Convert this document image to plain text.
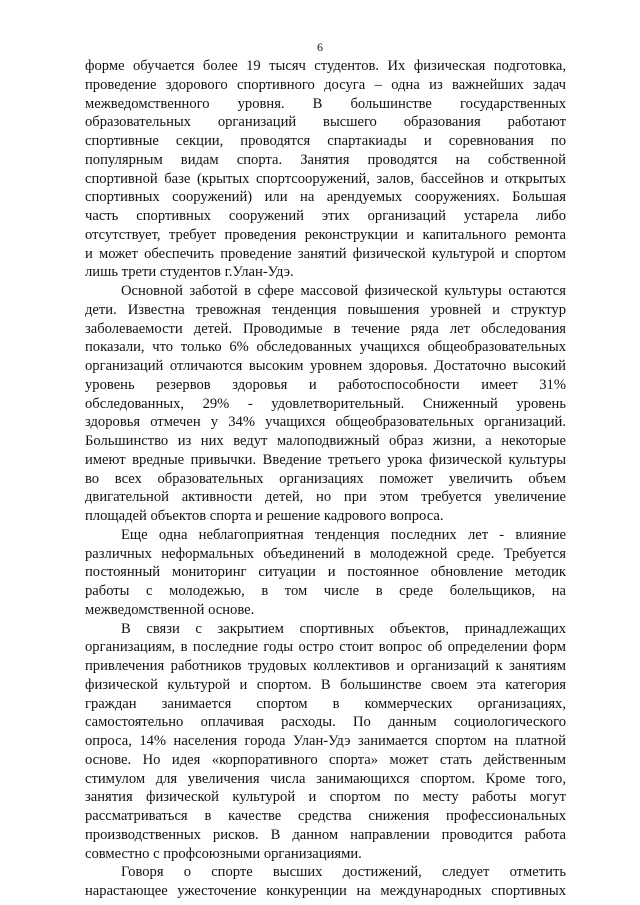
6
форме обучается более 19 тысяч студентов. Их физическая подготовка,
проведение здорового спортивного досуга – одна из важнейших задач
межведомственного уровня. В большинстве государственных
образовательных организаций высшего образования работают
спортивные секции, проводятся спартакиады и соревнования по
популярным видам спорта. Занятия проводятся на собственной
спортивной базе (крытых спортсооружений, залов, бассейнов и открытых
спортивных сооружений) или на арендуемых сооружениях. Большая
часть спортивных сооружений этих организаций устарела либо
отсутствует, требует проведения реконструкции и капитального ремонта
и может обеспечить проведение занятий физической культурой и спортом
лишь трети студентов г.Улан-Удэ.
Основной заботой в сфере массовой физической культуры остаются
дети. Известна тревожная тенденция повышения уровней и структур
заболеваемости детей. Проводимые в течение ряда лет обследования
показали, что только 6% обследованных учащихся общеобразовательных
организаций отличаются высоким уровнем здоровья. Достаточно высокий
уровень резервов здоровья и работоспособности имеет 31%
обследованных, 29% - удовлетворительный. Сниженный уровень
здоровья отмечен у 34% учащихся общеобразовательных организаций.
Большинство из них ведут малоподвижный образ жизни, а некоторые
имеют вредные привычки. Введение третьего урока физической культуры
во всех образовательных организациях поможет увеличить объем
двигательной активности детей, но при этом требуется увеличение
площадей объектов спорта и решение кадрового вопроса.
Еще одна неблагоприятная тенденция последних лет - влияние
различных неформальных объединений в молодежной среде. Требуется
постоянный мониторинг ситуации и постоянное обновление методик
работы с молодежью, в том числе в среде болельщиков, на
межведомственной основе.
В связи с закрытием спортивных объектов, принадлежащих
организациям, в последние годы остро стоит вопрос об определении форм
привлечения работников трудовых коллективов и организаций к занятиям
физической культурой и спортом. В большинстве своем эта категория
граждан занимается спортом в коммерческих организациях,
самостоятельно оплачивая расходы. По данным социологического
опроса, 14% населения города Улан-Удэ занимается спортом на платной
основе. Но идея «корпоративного спорта» может стать действенным
стимулом для увеличения числа занимающихся спортом. Кроме того,
занятия физической культурой и спортом по месту работы могут
рассматриваться в качестве средства снижения профессиональных
производственных рисков. В данном направлении проводится работа
совместно с профсоюзными организациями.
Говоря о спорте высших достижений, следует отметить
нарастающее ужесточение конкуренции на международных спортивных
